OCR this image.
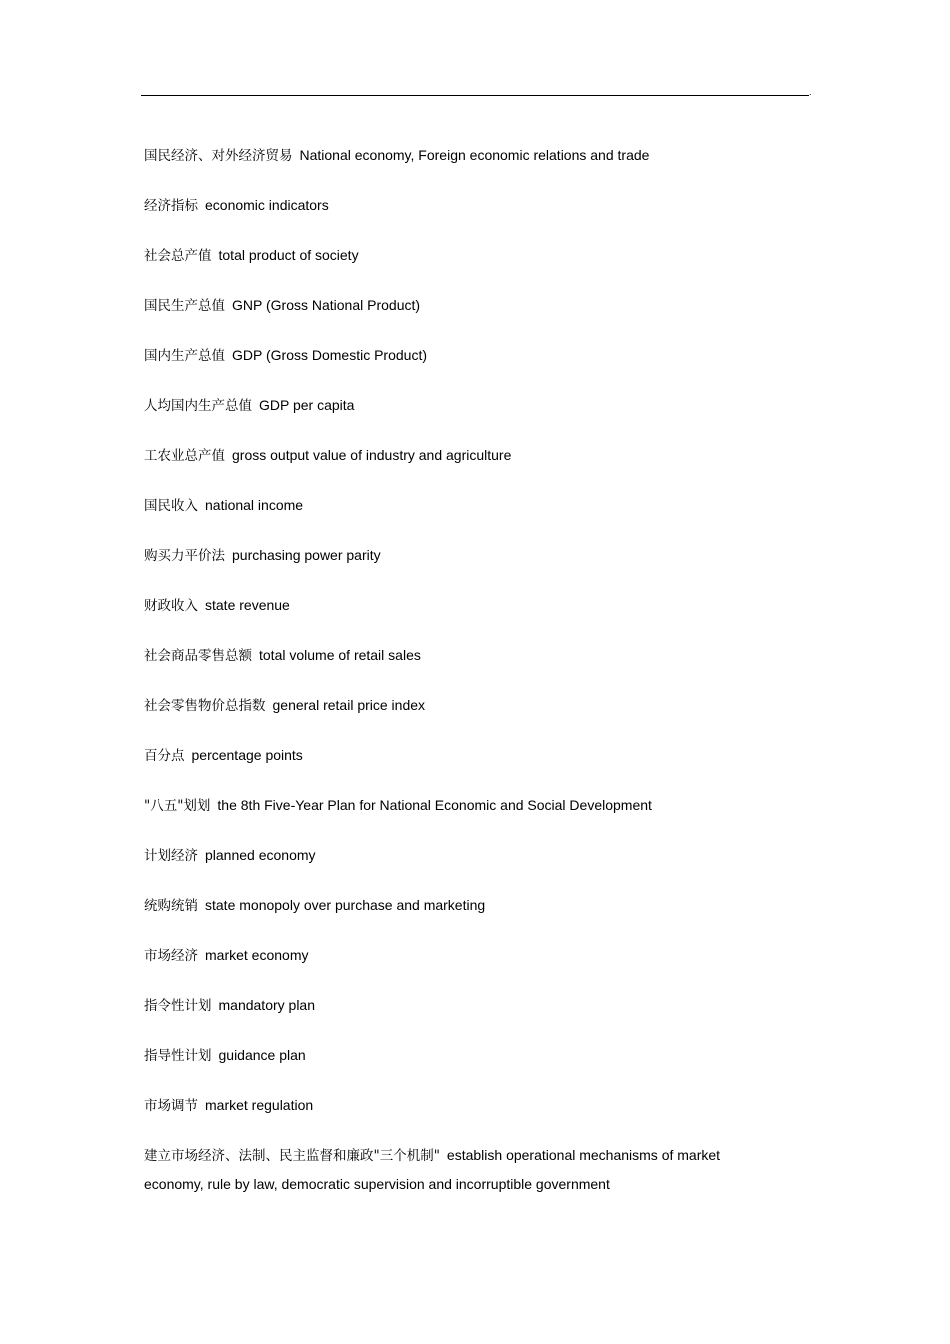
.
国民经济、对外经济贸易 National economy, Foreign economic relations and trade
经济指标 economic indicators
社会总产值 total product of society
国民生产总值 GNP (Gross National Product)
国内生产总值 GDP (Gross Domestic Product)
人均国内生产总值 GDP per capita
工农业总产值 gross output value of industry and agriculture
国民收入 national income
购买力平价法 purchasing power parity
财政收入 state revenue
社会商品零售总额 total volume of retail sales
社会零售物价总指数 general retail price index
百分点 percentage points
"八五"划划 the 8th Five-Year Plan for National Economic and Social Development
计划经济 planned economy
统购统销 state monopoly over purchase and marketing
市场经济 market economy
指令性计划 mandatory plan
指导性计划 guidance plan
市场调节 market regulation
建立市场经济、法制、民主监督和廉政"三个机制" establish operational mechanisms of market economy, rule by law, democratic supervision and incorruptible government
